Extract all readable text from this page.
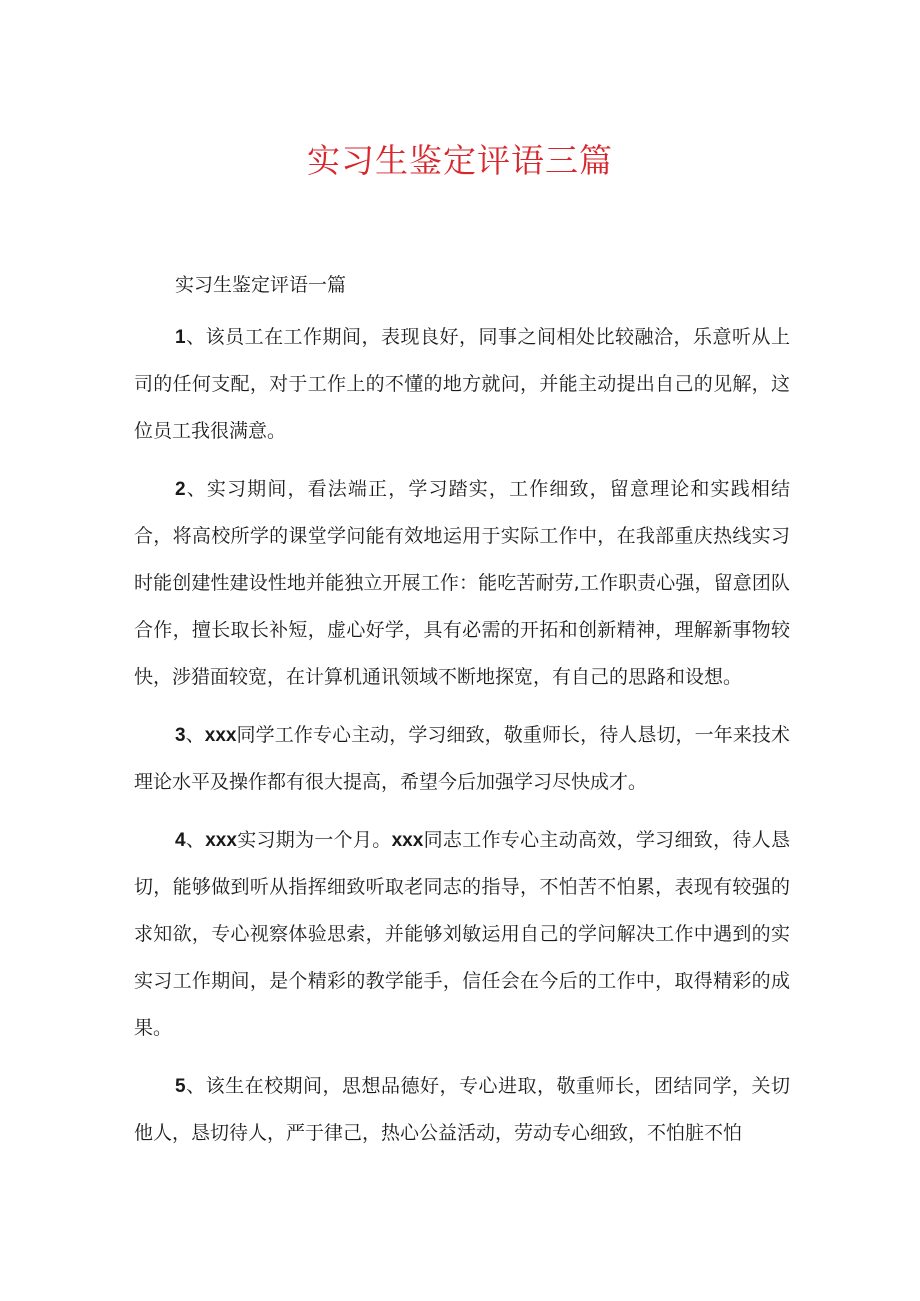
实习生鉴定评语三篇

实习生鉴定评语一篇

1、该员工在工作期间，表现良好，同事之间相处比较融洽，乐意听从上司的任何支配，对于工作上的不懂的地方就问，并能主动提出自己的见解，这位员工我很满意。

2、实习期间，看法端正，学习踏实，工作细致，留意理论和实践相结合，将高校所学的课堂学问能有效地运用于实际工作中，在我部重庆热线实习时能创建性建设性地并能独立开展工作：能吃苦耐劳,工作职责心强，留意团队合作，擅长取长补短，虚心好学，具有必需的开拓和创新精神，理解新事物较快，涉猎面较宽，在计算机通讯领域不断地探宽，有自己的思路和设想。

3、xxx同学工作专心主动，学习细致，敬重师长，待人恳切，一年来技术理论水平及操作都有很大提高，希望今后加强学习尽快成才。

4、xxx实习期为一个月。xxx同志工作专心主动高效，学习细致，待人恳切，能够做到听从指挥细致听取老同志的指导，不怕苦不怕累，表现有较强的求知欲，专心视察体验思索，并能够刘敏运用自己的学问解决工作中遇到的实实习工作期间，是个精彩的教学能手，信任会在今后的工作中，取得精彩的成果。

5、该生在校期间，思想品德好，专心进取，敬重师长，团结同学，关切他人，恳切待人，严于律己，热心公益活动，劳动专心细致，不怕脏不怕
